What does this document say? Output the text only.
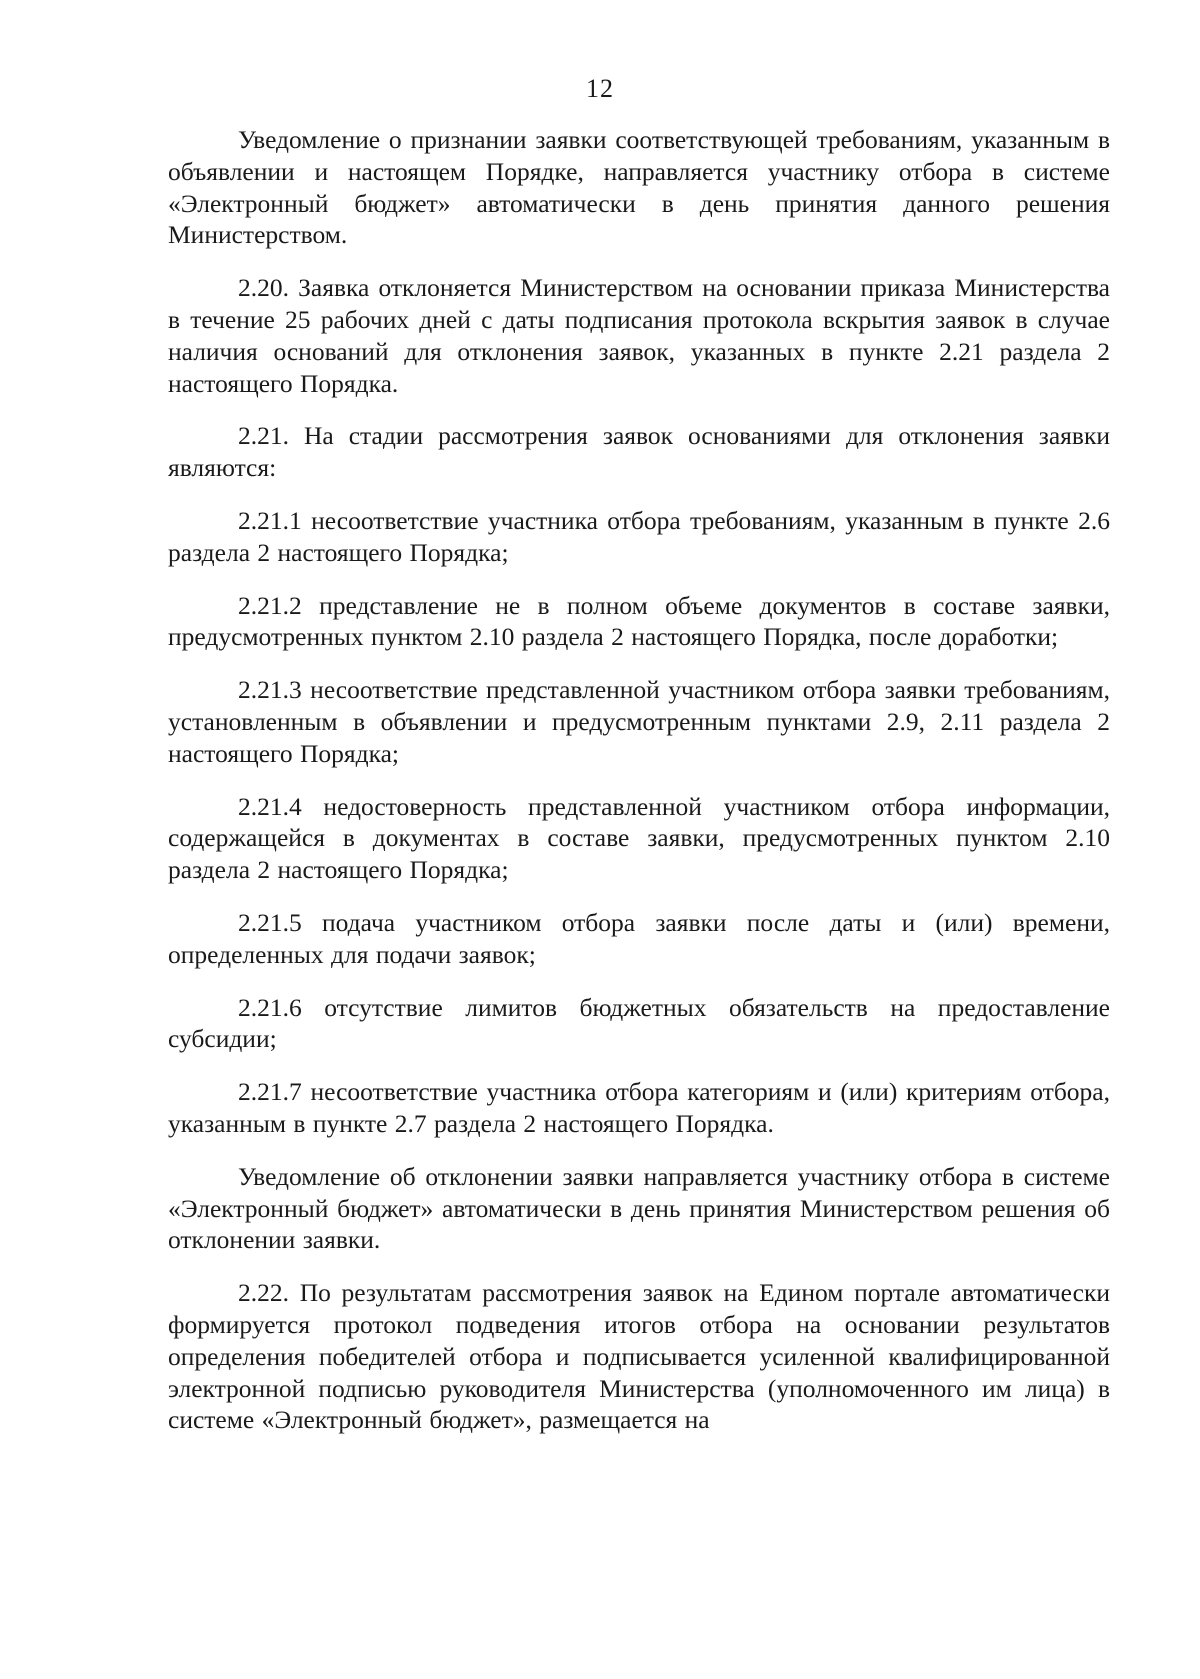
12

Уведомление о признании заявки соответствующей требованиям, указанным в объявлении и настоящем Порядке, направляется участнику отбора в системе «Электронный бюджет» автоматически в день принятия данного решения Министерством.

2.20. Заявка отклоняется Министерством на основании приказа Министерства в течение 25 рабочих дней с даты подписания протокола вскрытия заявок в случае наличия оснований для отклонения заявок, указанных в пункте 2.21 раздела 2 настоящего Порядка.

2.21. На стадии рассмотрения заявок основаниями для отклонения заявки являются:

2.21.1 несоответствие участника отбора требованиям, указанным в пункте 2.6 раздела 2 настоящего Порядка;

2.21.2 представление не в полном объеме документов в составе заявки, предусмотренных пунктом 2.10 раздела 2 настоящего Порядка, после доработки;

2.21.3 несоответствие представленной участником отбора заявки требованиям, установленным в объявлении и предусмотренным пунктами 2.9, 2.11 раздела 2 настоящего Порядка;

2.21.4 недостоверность представленной участником отбора информации, содержащейся в документах в составе заявки, предусмотренных пунктом 2.10 раздела 2 настоящего Порядка;

2.21.5 подача участником отбора заявки после даты и (или) времени, определенных для подачи заявок;

2.21.6 отсутствие лимитов бюджетных обязательств на предоставление субсидии;

2.21.7 несоответствие участника отбора категориям и (или) критериям отбора, указанным в пункте 2.7 раздела 2 настоящего Порядка.

Уведомление об отклонении заявки направляется участнику отбора в системе «Электронный бюджет» автоматически в день принятия Министерством решения об отклонении заявки.

2.22. По результатам рассмотрения заявок на Едином портале автоматически формируется протокол подведения итогов отбора на основании результатов определения победителей отбора и подписывается усиленной квалифицированной электронной подписью руководителя Министерства (уполномоченного им лица) в системе «Электронный бюджет», размещается на
